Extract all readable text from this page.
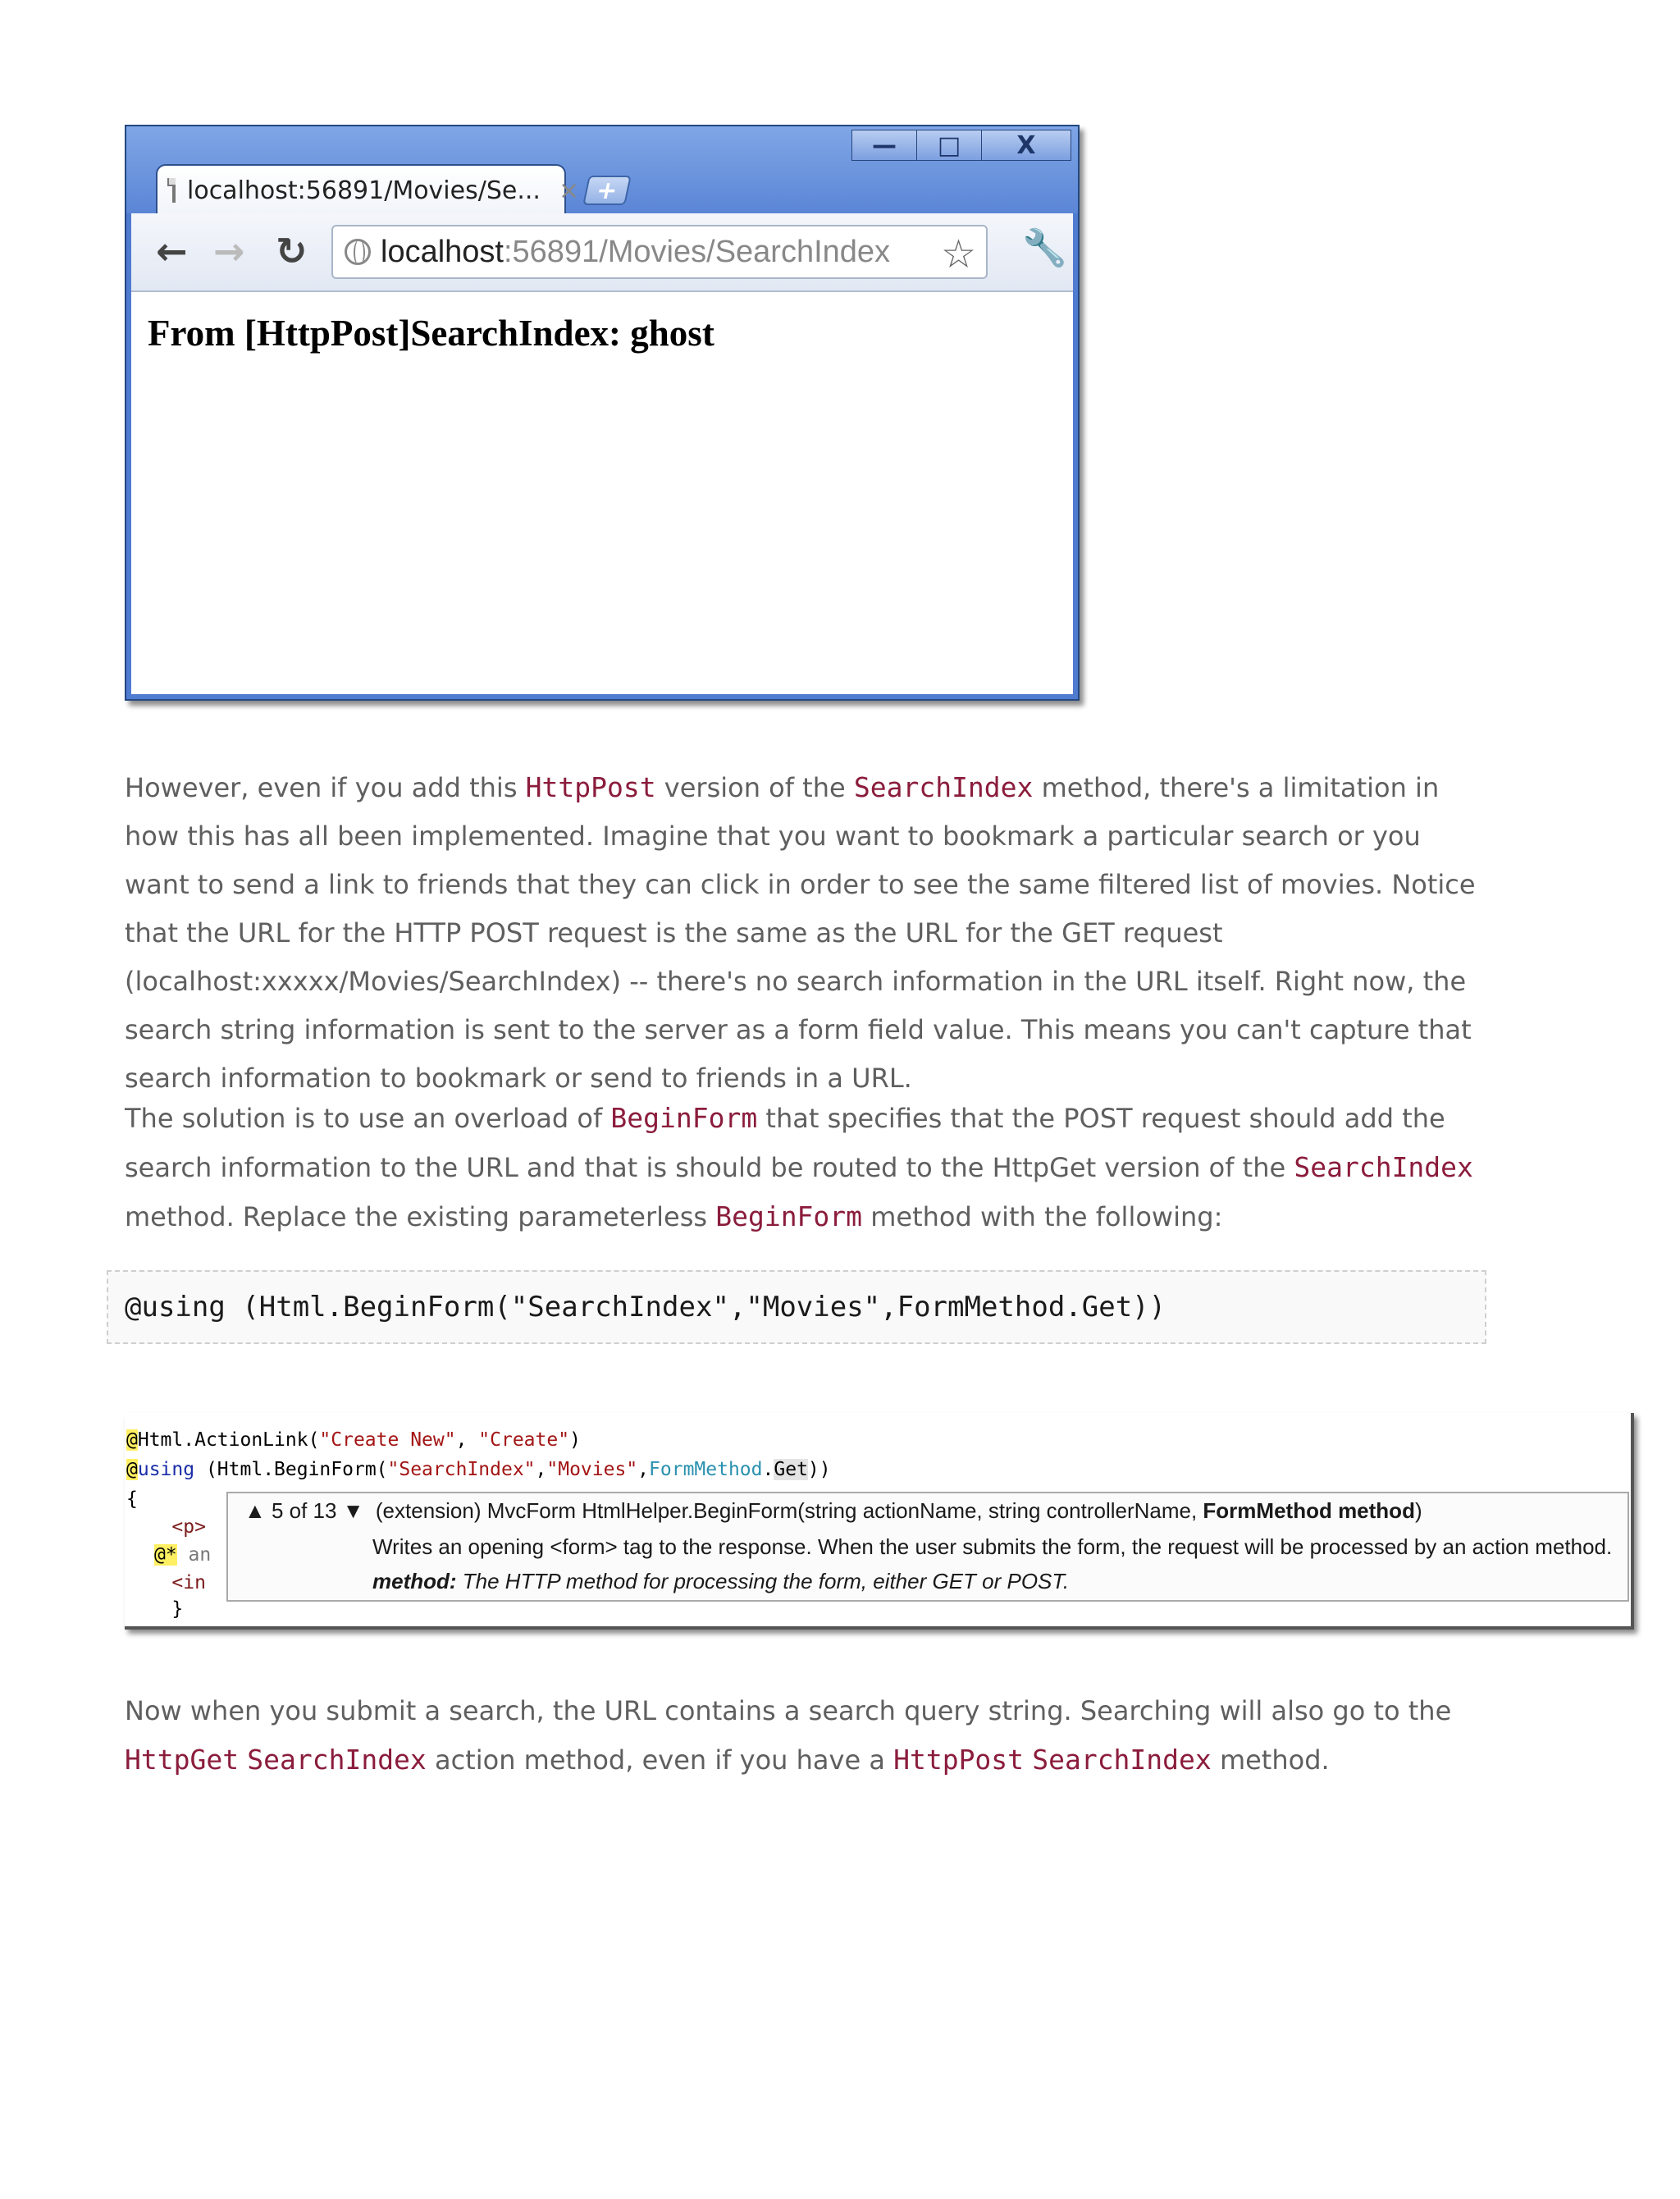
—	□	X
localhost:56891/Movies/Se... × +
← → ↻ localhost :56891/Movies/SearchIndex ☆ 🔧
From [HttpPost]SearchIndex: ghost

However, even if you add this HttpPost version of the SearchIndex method, there's a limitation in how this has all been implemented. Imagine that you want to bookmark a particular search or you want to send a link to friends that they can click in order to see the same filtered list of movies. Notice that the URL for the HTTP POST request is the same as the URL for the GET request (localhost:xxxxx/Movies/SearchIndex) -- there's no search information in the URL itself. Right now, the search string information is sent to the server as a form field value. This means you can't capture that search information to bookmark or send to friends in a URL.

The solution is to use an overload of BeginForm that specifies that the POST request should add the search information to the URL and that is should be routed to the HttpGet version of the SearchIndex method. Replace the existing parameterless BeginForm method with the following:

@using (Html.BeginForm("SearchIndex","Movies",FormMethod.Get))
@Html.ActionLink("Create New", "Create")
@using (Html.BeginForm("SearchIndex","Movies",FormMethod.Get))
{
<p>
@* an
<in
}
▲ 5 of 13 ▼ (extension) MvcForm HtmlHelper.BeginForm(string actionName, string controllerName, FormMethod method)
Writes an opening <form> tag to the response. When the user submits the form, the request will be processed by an action method.
method: The HTTP method for processing the form, either GET or POST.

Now when you submit a search, the URL contains a search query string. Searching will also go to the HttpGet SearchIndex action method, even if you have a HttpPost SearchIndex method.
